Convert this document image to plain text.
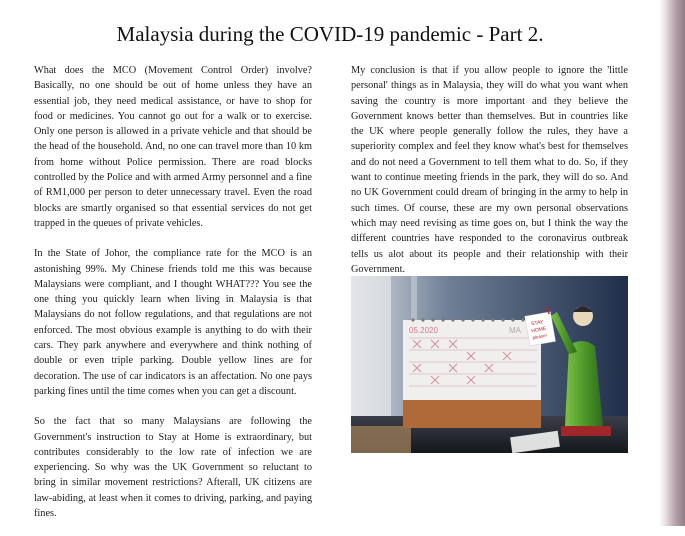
Malaysia during the COVID-19 pandemic - Part 2.

What does the MCO (Movement Control Order) involve? Basically, no one should be out of home unless they have an essential job, they need medical assistance, or have to shop for food or medicines. You cannot go out for a walk or to exercise. Only one person is allowed in a private vehicle and that should be the head of the household. And, no one can travel more than 10 km from home without Police permission. There are road blocks controlled by the Police and with armed Army personnel and a fine of RM1,000 per person to deter unnecessary travel. Even the road blocks are smartly organised so that essential services do not get trapped in the queues of private vehicles.

In the State of Johor, the compliance rate for the MCO is an astonishing 99%. My Chinese friends told me this was because Malaysians were compliant, and I thought WHAT??? You see the one thing you quickly learn when living in Malaysia is that Malaysians do not follow regulations, and that regulations are not enforced. The most obvious example is anything to do with their cars. They park anywhere and everywhere and think nothing of double or even triple parking. Double yellow lines are for decoration. The use of car indicators is an affectation. No one pays parking fines until the time comes when you can get a discount.

So the fact that so many Malaysians are following the Government's instruction to Stay at Home is extraordinary, but contributes considerably to the low rate of infection we are experiencing. So why was the UK Government so reluctant to bring in similar movement restrictions? Afterall, UK citizens are law-abiding, at least when it comes to driving, parking, and paying fines.

My conclusion is that if you allow people to ignore the 'little personal' things as in Malaysia, they will do what you want when saving the country is more important and they believe the Government knows better than themselves. But in countries like the UK where people generally follow the rules, they have a superiority complex and feel they know what's best for themselves and do not need a Government to tell them what to do. So, if they want to continue meeting friends in the park, they will do so. And no UK Government could dream of bringing in the army to help in such times. Of course, these are my own personal observations which may need revising as time goes on, but I think the way the different countries have responded to the coronavirus outbreak tells us alot about its people and their relationship with their Government.

05.2020	MA
STAY
HOME
please!
